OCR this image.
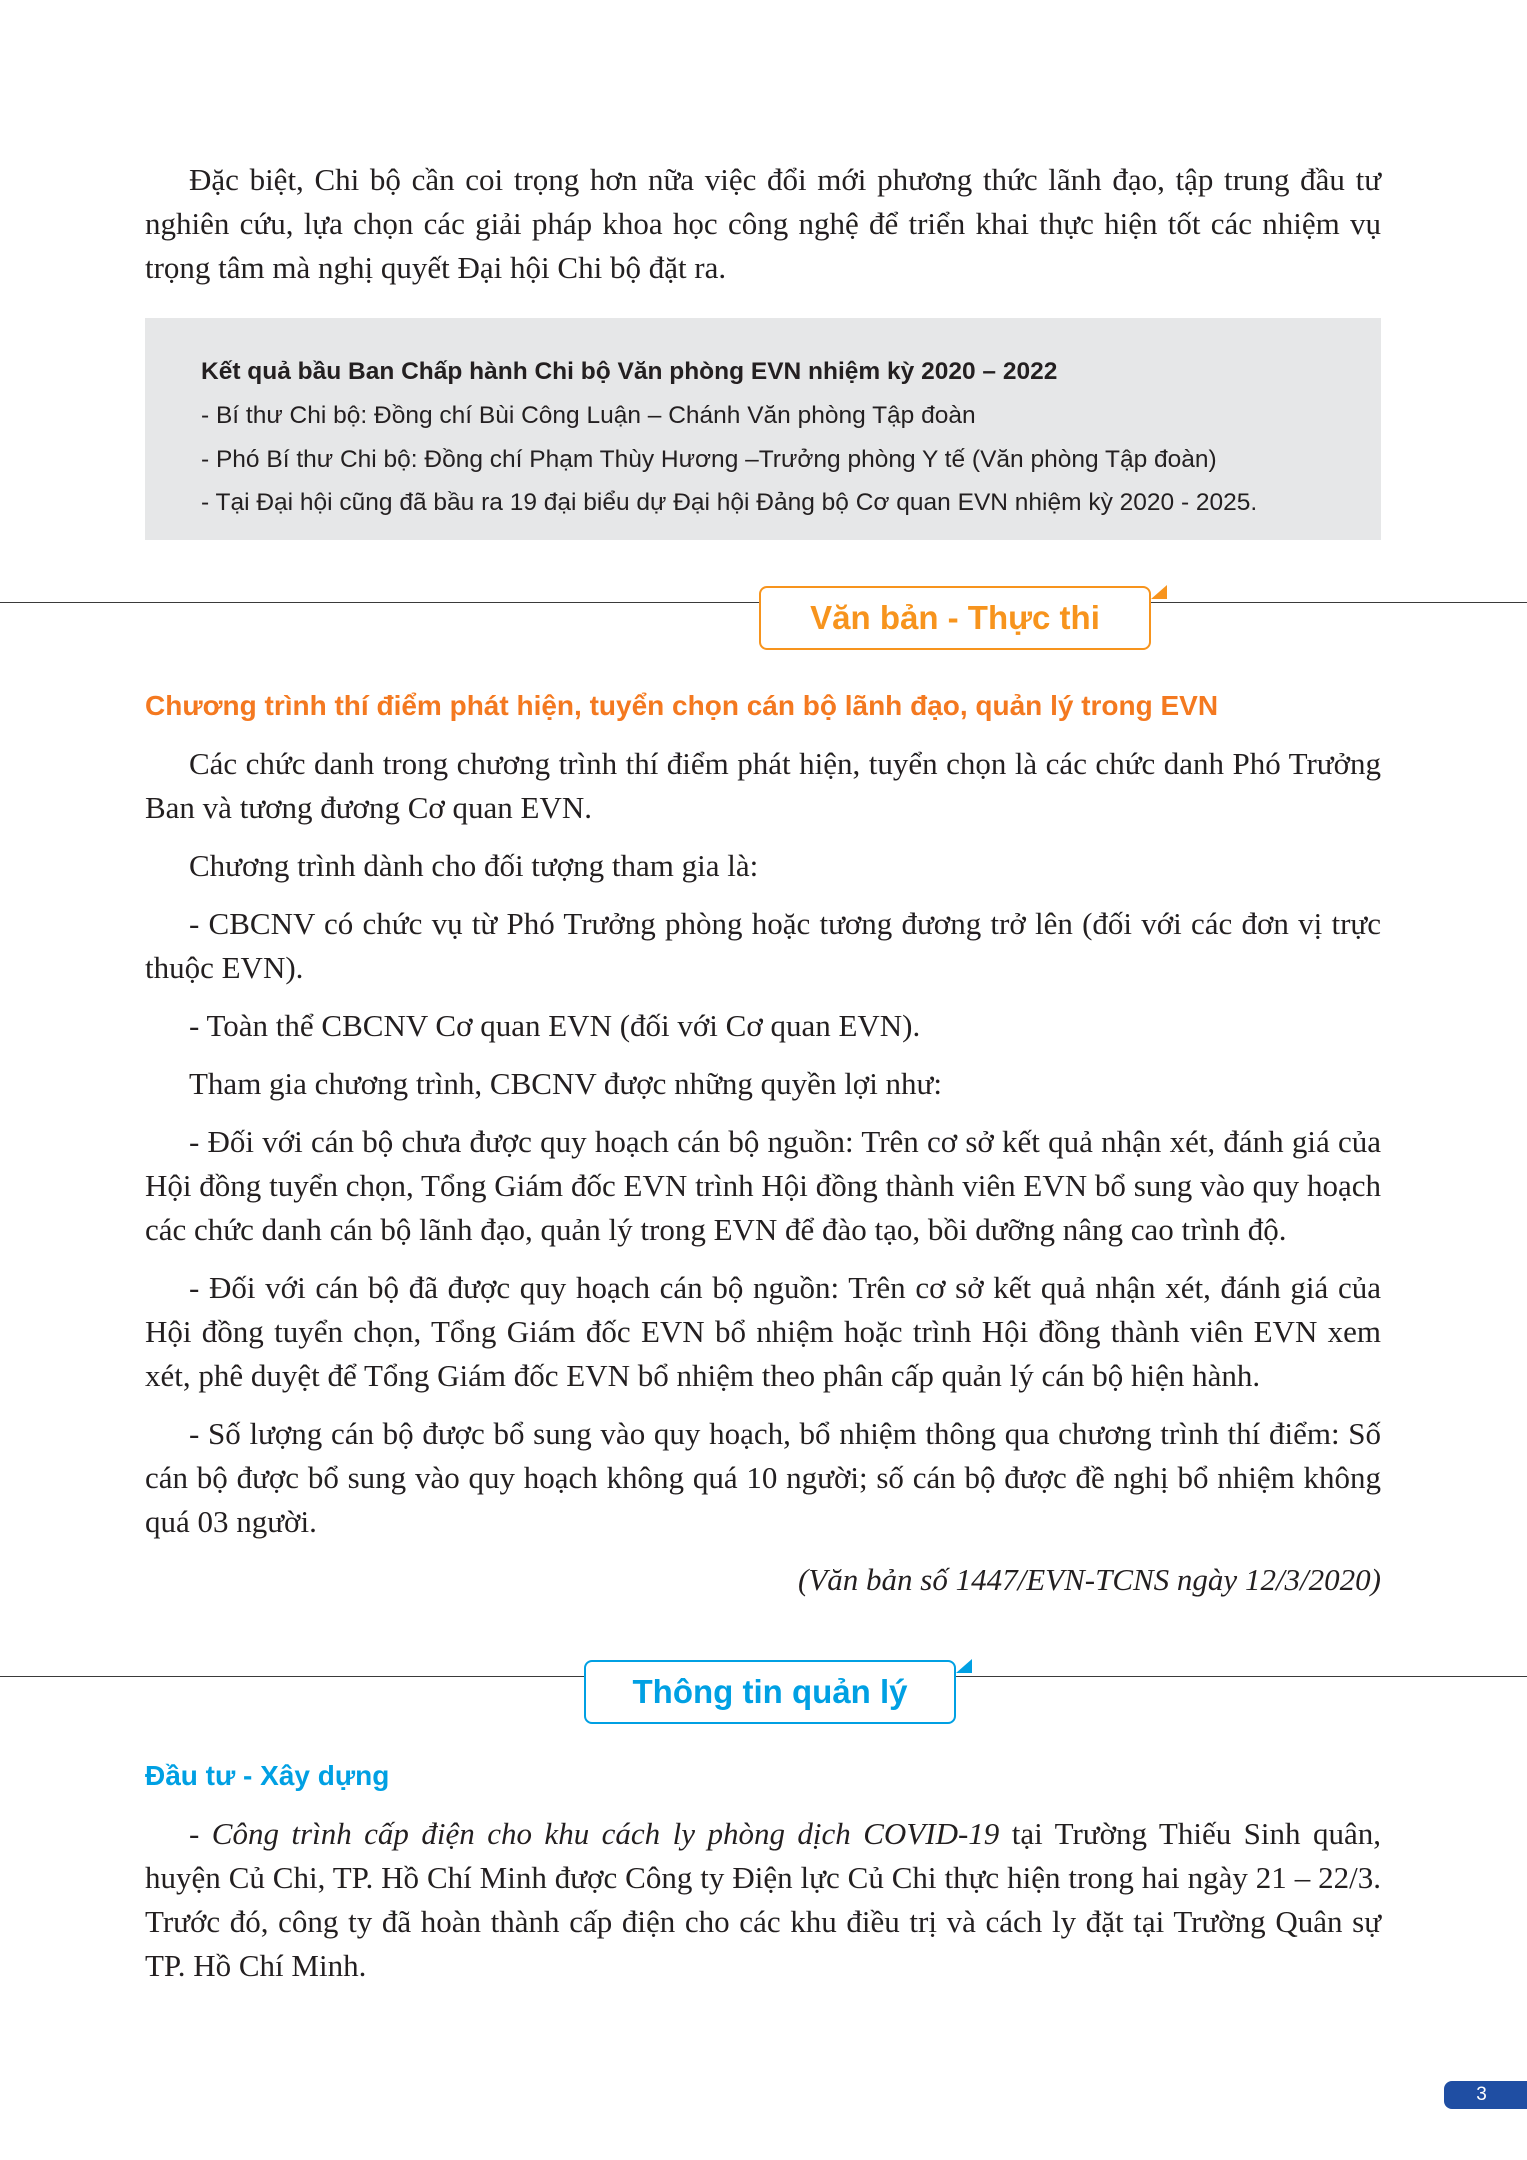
Đặc biệt, Chi bộ cần coi trọng hơn nữa việc đổi mới phương thức lãnh đạo, tập trung đầu tư nghiên cứu, lựa chọn các giải pháp khoa học công nghệ để triển khai thực hiện tốt các nhiệm vụ trọng tâm mà nghị quyết Đại hội Chi bộ đặt ra.

Kết quả bầu Ban Chấp hành Chi bộ Văn phòng EVN nhiệm kỳ 2020 – 2022

- Bí thư Chi bộ: Đồng chí Bùi Công Luận – Chánh Văn phòng Tập đoàn

- Phó Bí thư Chi bộ: Đồng chí Phạm Thùy Hương –Trưởng phòng Y tế (Văn phòng Tập đoàn)

- Tại Đại hội cũng đã bầu ra 19 đại biểu dự Đại hội Đảng bộ Cơ quan EVN nhiệm kỳ 2020 - 2025.

Văn bản - Thực thi
Chương trình thí điểm phát hiện, tuyển chọn cán bộ lãnh đạo, quản lý trong EVN

Các chức danh trong chương trình thí điểm phát hiện, tuyển chọn là các chức danh Phó Trưởng Ban và tương đương Cơ quan EVN.

Chương trình dành cho đối tượng tham gia là:

- CBCNV có chức vụ từ Phó Trưởng phòng hoặc tương đương trở lên (đối với các đơn vị trực thuộc EVN).

- Toàn thể CBCNV Cơ quan EVN (đối với Cơ quan EVN).

Tham gia chương trình, CBCNV được những quyền lợi như:

- Đối với cán bộ chưa được quy hoạch cán bộ nguồn: Trên cơ sở kết quả nhận xét, đánh giá của Hội đồng tuyển chọn, Tổng Giám đốc EVN trình Hội đồng thành viên EVN bổ sung vào quy hoạch các chức danh cán bộ lãnh đạo, quản lý trong EVN để đào tạo, bồi dưỡng nâng cao trình độ.

- Đối với cán bộ đã được quy hoạch cán bộ nguồn: Trên cơ sở kết quả nhận xét, đánh giá của Hội đồng tuyển chọn, Tổng Giám đốc EVN bổ nhiệm hoặc trình Hội đồng thành viên EVN xem xét, phê duyệt để Tổng Giám đốc EVN bổ nhiệm theo phân cấp quản lý cán bộ hiện hành.

- Số lượng cán bộ được bổ sung vào quy hoạch, bổ nhiệm thông qua chương trình thí điểm: Số cán bộ được bổ sung vào quy hoạch không quá 10 người; số cán bộ được đề nghị bổ nhiệm không quá 03 người.

(Văn bản số 1447/EVN-TCNS ngày 12/3/2020)

Thông tin quản lý
Đầu tư - Xây dựng

- Công trình cấp điện cho khu cách ly phòng dịch COVID-19 tại Trường Thiếu Sinh quân, huyện Củ Chi, TP. Hồ Chí Minh được Công ty Điện lực Củ Chi thực hiện trong hai ngày 21 – 22/3. Trước đó, công ty đã hoàn thành cấp điện cho các khu điều trị và cách ly đặt tại Trường Quân sự TP. Hồ Chí Minh.

3
